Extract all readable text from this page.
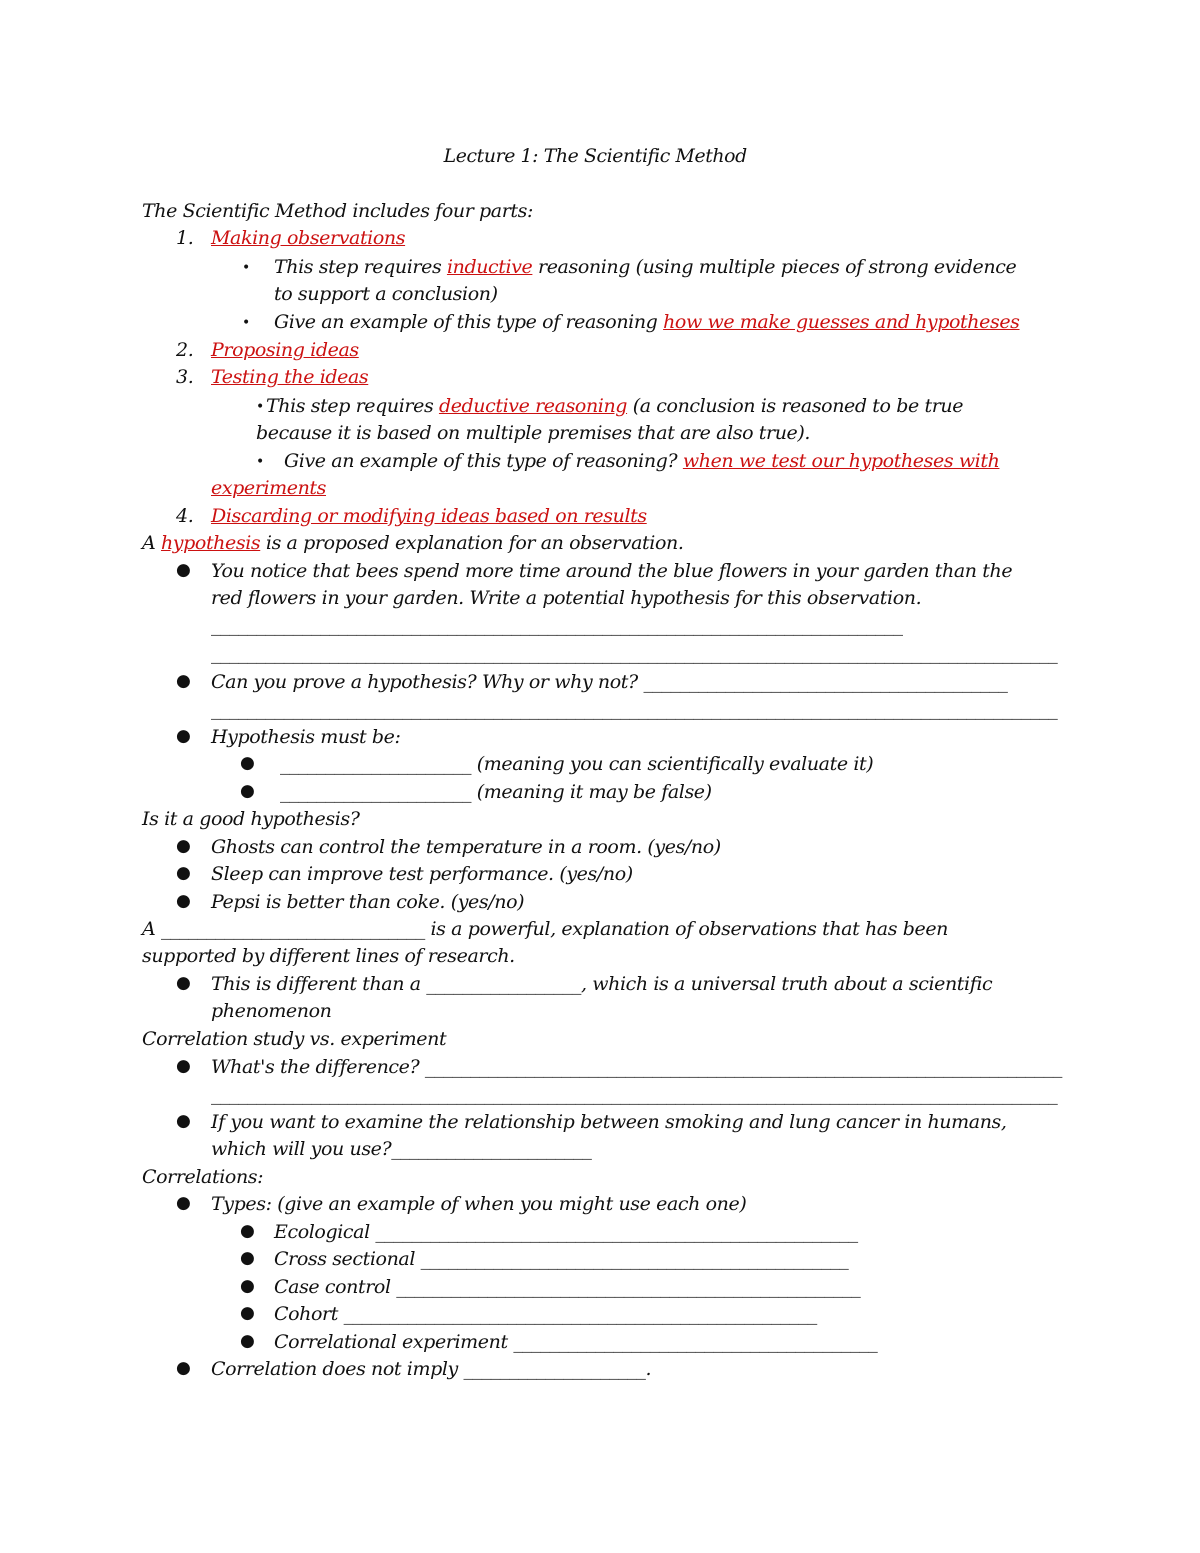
Lecture 1: The Scientific Method
The Scientific Method includes four parts:
1. Making observations
• This step requires inductive reasoning (using multiple pieces of strong evidence
to support a conclusion)
• Give an example of this type of reasoning how we make guesses and hypotheses
2. Proposing ideas
3. Testing the ideas
• This step requires deductive reasoning (a conclusion is reasoned to be true
because it is based on multiple premises that are also true).
• Give an example of this type of reasoning? when we test our hypotheses with
experiments
4. Discarding or modifying ideas based on results
A hypothesis is a proposed explanation for an observation.
● You notice that bees spend more time around the blue flowers in your garden than the
red flowers in your garden. Write a potential hypothesis for this observation.
____________________________________________________________________________
_____________________________________________________________________________________________
● Can you prove a hypothesis? Why or why not? ________________________________________
_____________________________________________________________________________________________
● Hypothesis must be:
● _____________________ (meaning you can scientifically evaluate it)
● _____________________ (meaning it may be false)
Is it a good hypothesis?
● Ghosts can control the temperature in a room. (yes/no)
● Sleep can improve test performance. (yes/no)
● Pepsi is better than coke. (yes/no)
A _____________________________ is a powerful, explanation of observations that has been
supported by different lines of research.
● This is different than a _________________, which is a universal truth about a scientific
phenomenon
Correlation study vs. experiment
● What's the difference? ______________________________________________________________________
_____________________________________________________________________________________________
● If you want to examine the relationship between smoking and lung cancer in humans,
which will you use?______________________
Correlations:
● Types: (give an example of when you might use each one)
● Ecological _____________________________________________________
● Cross sectional _______________________________________________
● Case control ___________________________________________________
● Cohort ____________________________________________________
● Correlational experiment ________________________________________
● Correlation does not imply ____________________.
